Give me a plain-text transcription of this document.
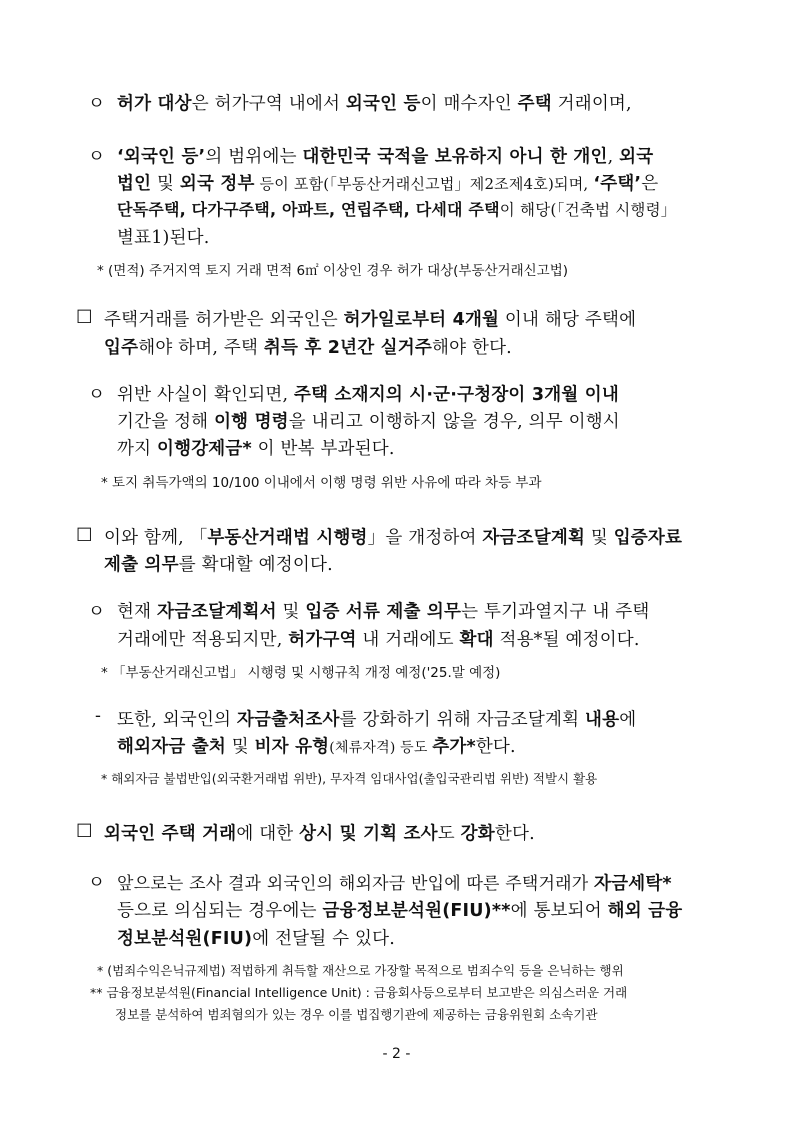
ㅇ 허가 대상은 허가구역 내에서 외국인 등이 매수자인 주택 거래이며,
ㅇ ‘외국인 등’의 범위에는 대한민국 국적을 보유하지 아니 한 개인, 외국
법인 및 외국 정부 등이 포함(「부동산거래신고법」제2조제4호)되며, ‘주택’은
단독주택, 다가구주택, 아파트, 연립주택, 다세대 주택이 해당(「건축법 시행령」
별표1)된다.
* (면적) 주거지역 토지 거래 면적 6㎡ 이상인 경우 허가 대상(부동산거래신고법)
□ 주택거래를 허가받은 외국인은 허가일로부터 4개월 이내 해당 주택에
입주해야 하며, 주택 취득 후 2년간 실거주해야 한다.
ㅇ 위반 사실이 확인되면, 주택 소재지의 시·군·구청장이 3개월 이내
기간을 정해 이행 명령을 내리고 이행하지 않을 경우, 의무 이행시
까지 이행강제금* 이 반복 부과된다.
* 토지 취득가액의 10/100 이내에서 이행 명령 위반 사유에 따라 차등 부과
□ 이와 함께, 「부동산거래법 시행령」을 개정하여 자금조달계획 및 입증자료
제출 의무를 확대할 예정이다.
ㅇ 현재 자금조달계획서 및 입증 서류 제출 의무는 투기과열지구 내 주택
거래에만 적용되지만, 허가구역 내 거래에도 확대 적용*될 예정이다.
* 「부동산거래신고법」 시행령 및 시행규칙 개정 예정('25.말 예정)
- 또한, 외국인의 자금출처조사를 강화하기 위해 자금조달계획 내용에
해외자금 출처 및 비자 유형(체류자격) 등도 추가*한다.
* 해외자금 불법반입(외국환거래법 위반), 무자격 임대사업(출입국관리법 위반) 적발시 활용
□ 외국인 주택 거래에 대한 상시 및 기획 조사도 강화한다.
ㅇ 앞으로는 조사 결과 외국인의 해외자금 반입에 따른 주택거래가 자금세탁*
등으로 의심되는 경우에는 금융정보분석원(FIU)**에 통보되어 해외 금융
정보분석원(FIU)에 전달될 수 있다.
* (범죄수익은닉규제법) 적법하게 취득할 재산으로 가장할 목적으로 범죄수익 등을 은닉하는 행위
** 금융정보분석원(Financial Intelligence Unit) : 금융회사등으로부터 보고받은 의심스러운 거래
정보를 분석하여 범죄혐의가 있는 경우 이를 법집행기관에 제공하는 금융위원회 소속기관
- 2 -
